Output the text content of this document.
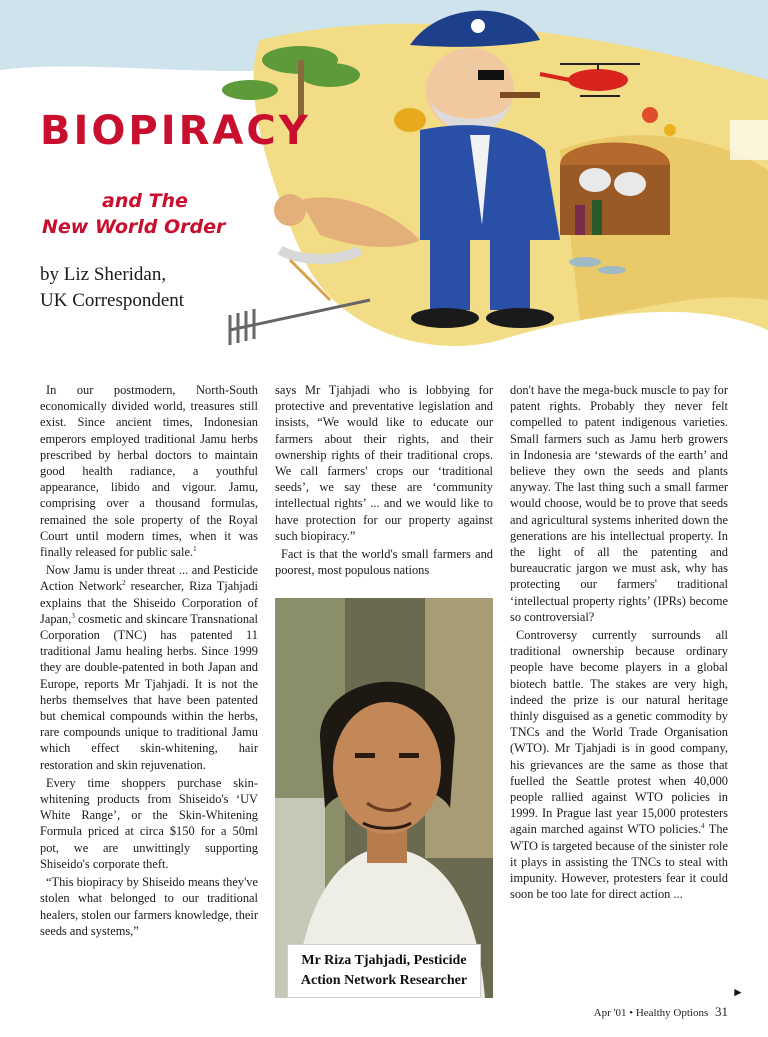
BIOPIRACY
and The
New World Order
by Liz Sheridan,
UK Correspondent

In our postmodern, North-South economically divided world, treasures still exist. Since ancient times, Indonesian emperors employed traditional Jamu herbs prescribed by herbal doctors to maintain good health radiance, a youthful appearance, libido and vigour. Jamu, comprising over a thousand formulas, remained the sole property of the Royal Court until modern times, when it was finally released for public sale.$^1$

Now Jamu is under threat ... and Pesticide Action Network$^2$ researcher, Riza Tjahjadi explains that the Shiseido Corporation of Japan,$^3$ cosmetic and skincare Transnational Corporation (TNC) has patented 11 traditional Jamu healing herbs. Since 1999 they are double-patented in both Japan and Europe, reports Mr Tjahjadi. It is not the herbs themselves that have been patented but chemical compounds within the herbs, rare compounds unique to traditional Jamu which effect skin-whitening, hair restoration and skin rejuvenation.

Every time shoppers purchase skin-whitening products from Shiseido's ‘UV White Range’, or the Skin-Whitening Formula priced at circa $150 for a 50ml pot, we are unwittingly supporting Shiseido's corporate theft.

“This biopiracy by Shiseido means they've stolen what belonged to our traditional healers, stolen our farmers knowledge, their seeds and systems,”

says Mr Tjahjadi who is lobbying for protective and preventative legislation and insists, “We would like to educate our farmers about their rights, and their ownership rights of their traditional crops. We call farmers' crops our ‘traditional seeds’, we say these are ‘community intellectual rights’ ... and we would like to have protection for our property against such biopiracy.”

Fact is that the world's small farmers and poorest, most populous nations

Mr Riza Tjahjadi, Pesticide
Action Network Researcher

don't have the mega-buck muscle to pay for patent rights. Probably they never felt compelled to patent indigenous varieties. Small farmers such as Jamu herb growers in Indonesia are ‘stewards of the earth’ and believe they own the seeds and plants anyway. The last thing such a small farmer would choose, would be to prove that seeds and agricultural systems inherited down the generations are his intellectual property. In the light of all the patenting and bureaucratic jargon we must ask, why has protecting our farmers' traditional ‘intellectual property rights’ (IPRs) become so controversial?

Controversy currently surrounds all traditional ownership because ordinary people have become players in a global biotech battle. The stakes are very high, indeed the prize is our natural heritage thinly disguised as a genetic commodity by TNCs and the World Trade Organisation (WTO). Mr Tjahjadi is in good company, his grievances are the same as those that fuelled the Seattle protest when 40,000 people rallied against WTO policies in 1999. In Prague last year 15,000 protesters again marched against WTO policies.$^4$ The WTO is targeted because of the sinister role it plays in assisting the TNCs to steal with impunity. However, protesters fear it could soon be too late for direct action ...

►
Apr '01 • Healthy Options 31
